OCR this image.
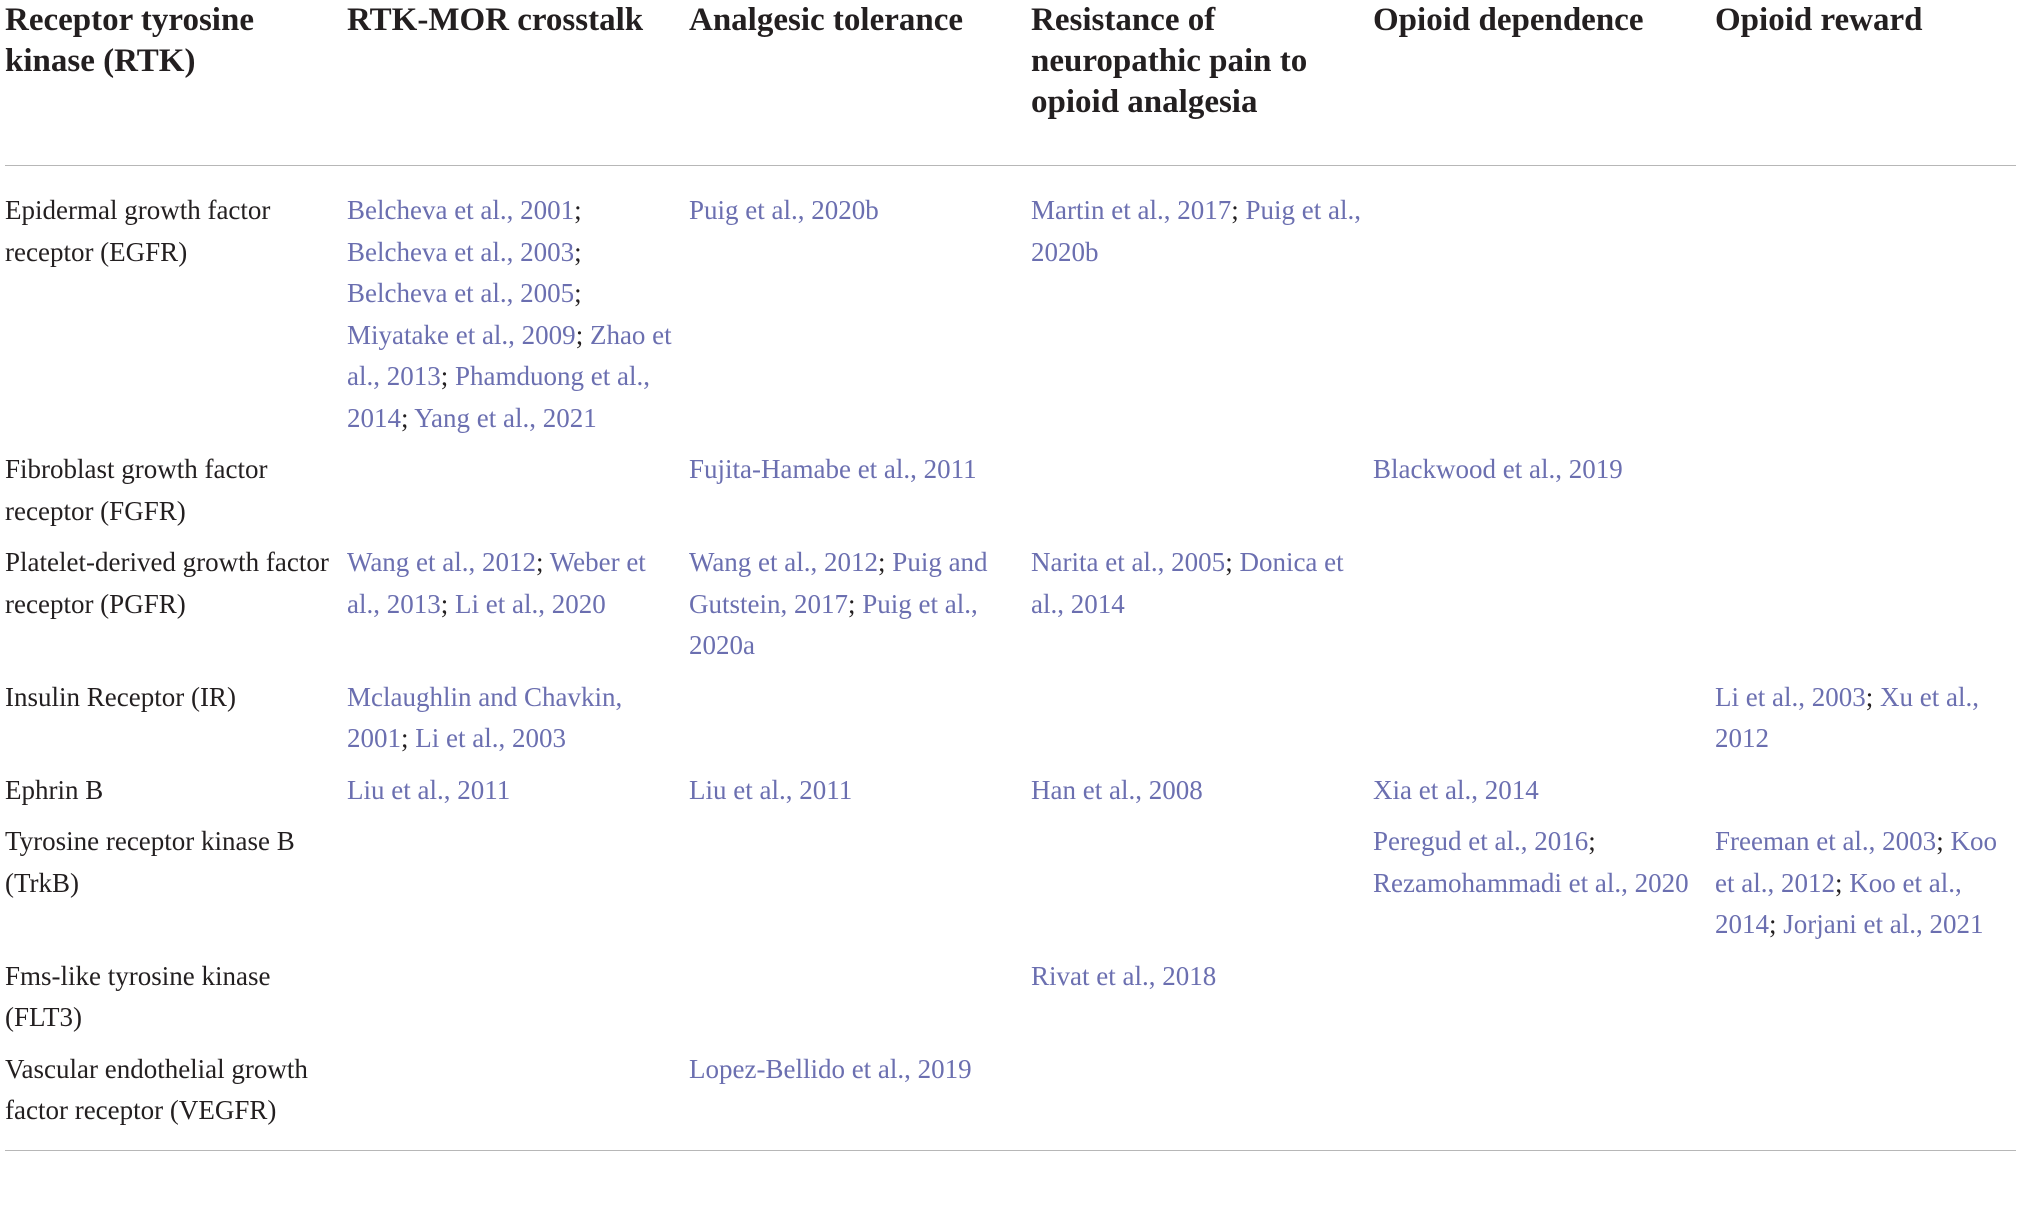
Receptor tyrosine kinase (RTK)	RTK-MOR crosstalk	Analgesic tolerance	Resistance of neuropathic pain to opioid analgesia	Opioid dependence	Opioid reward
Epidermal growth factor receptor (EGFR)	Belcheva et al., 2001; Belcheva et al., 2003; Belcheva et al., 2005; Miyatake et al., 2009; Zhao et al., 2013; Phamduong et al., 2014; Yang et al., 2021	Puig et al., 2020b	Martin et al., 2017; Puig et al., 2020b		
Fibroblast growth factor receptor (FGFR)		Fujita-Hamabe et al., 2011		Blackwood et al., 2019	
Platelet-derived growth factor receptor (PGFR)	Wang et al., 2012; Weber et al., 2013; Li et al., 2020	Wang et al., 2012; Puig and Gutstein, 2017; Puig et al., 2020a	Narita et al., 2005; Donica et al., 2014		
Insulin Receptor (IR)	Mclaughlin and Chavkin, 2001; Li et al., 2003				Li et al., 2003; Xu et al., 2012
Ephrin B	Liu et al., 2011	Liu et al., 2011	Han et al., 2008	Xia et al., 2014	
Tyrosine receptor kinase B (TrkB)				Peregud et al., 2016; Rezamohammadi et al., 2020	Freeman et al., 2003; Koo et al., 2012; Koo et al., 2014; Jorjani et al., 2021
Fms-like tyrosine kinase (FLT3)			Rivat et al., 2018		
Vascular endothelial growth factor receptor (VEGFR)		Lopez-Bellido et al., 2019			
